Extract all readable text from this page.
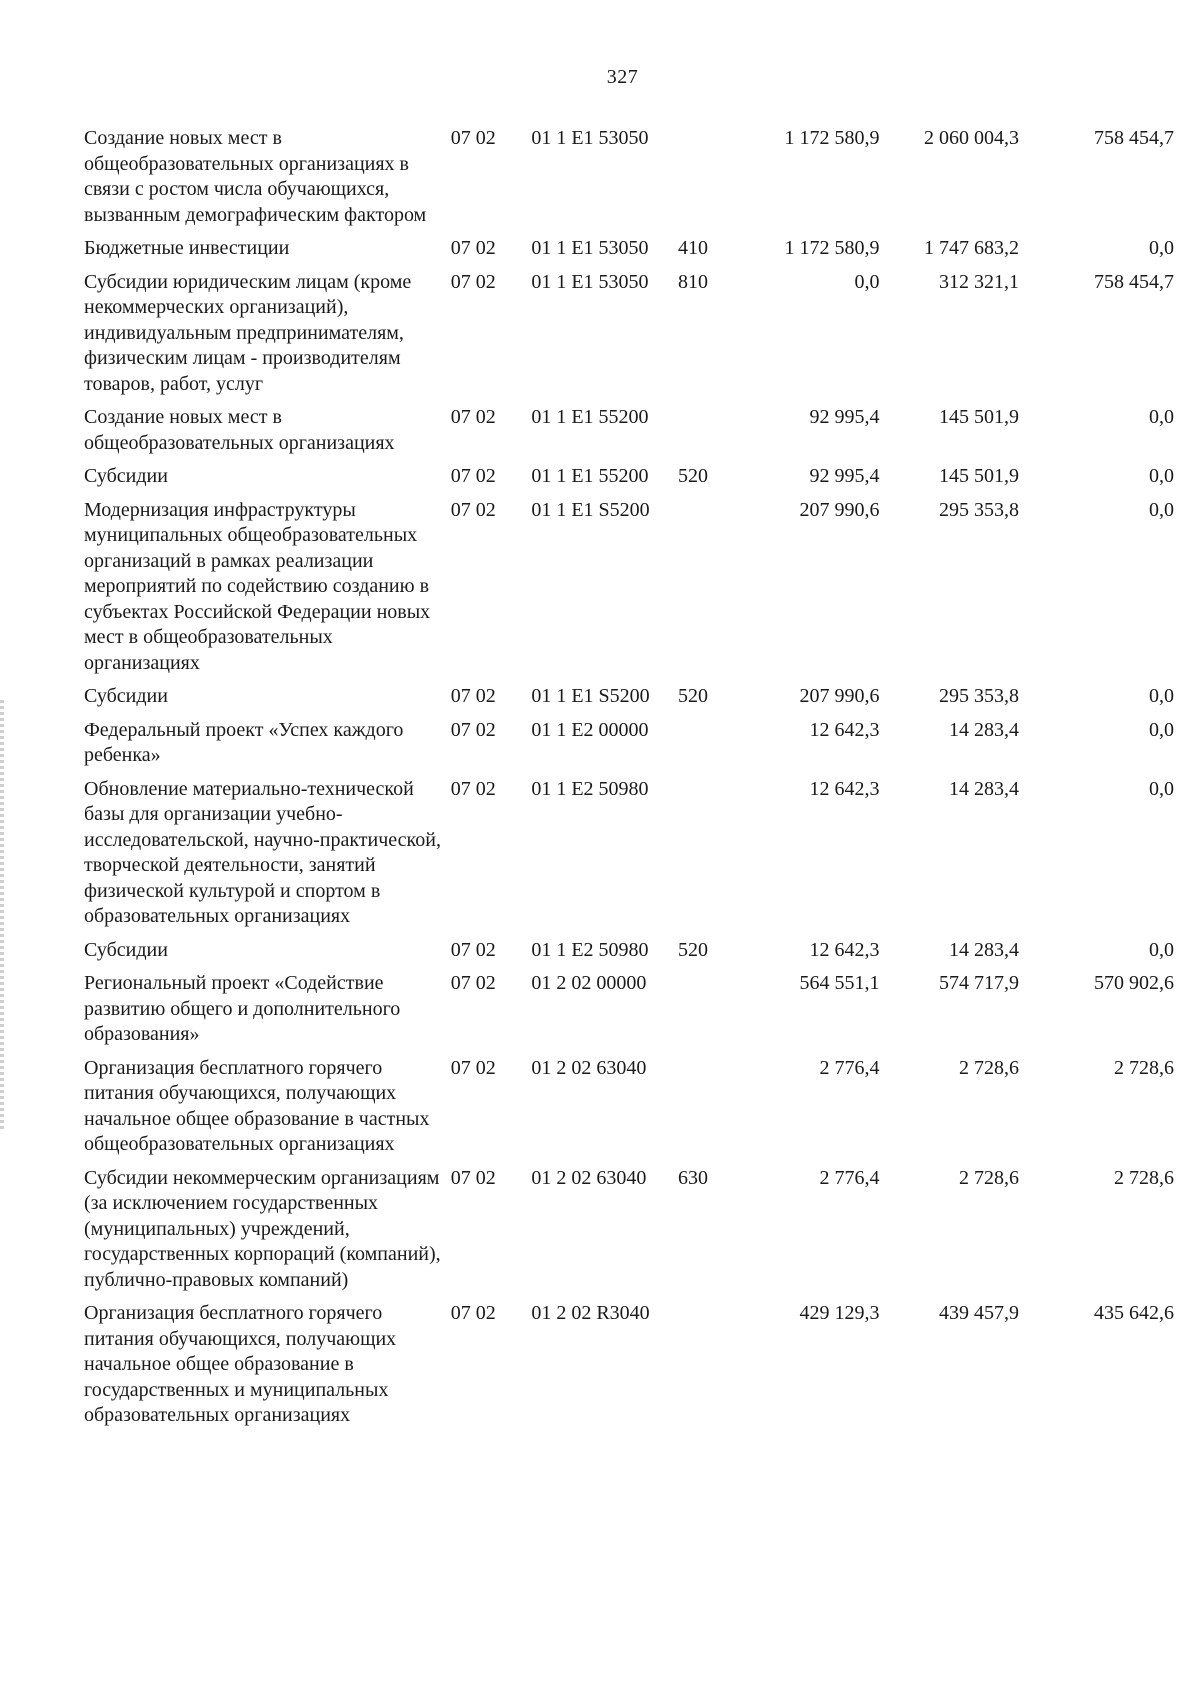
327
Создание новых мест в общеобразовательных организациях в связи с ростом числа обучающихся, вызванным демографическим фактором	07 02	01 1 E1 53050		1 172 580,9	2 060 004,3	758 454,7
Бюджетные инвестиции	07 02	01 1 E1 53050	410	1 172 580,9	1 747 683,2	0,0
Субсидии юридическим лицам (кроме некоммерческих организаций), индивидуальным предпринимателям, физическим лицам - производителям товаров, работ, услуг	07 02	01 1 E1 53050	810	0,0	312 321,1	758 454,7
Создание новых мест в общеобразовательных организациях	07 02	01 1 E1 55200		92 995,4	145 501,9	0,0
Субсидии	07 02	01 1 E1 55200	520	92 995,4	145 501,9	0,0
Модернизация инфраструктуры муниципальных общеобразовательных организаций в рамках реализации мероприятий по содействию созданию в субъектах Российской Федерации новых мест в общеобразовательных организациях	07 02	01 1 E1 S5200		207 990,6	295 353,8	0,0
Субсидии	07 02	01 1 E1 S5200	520	207 990,6	295 353,8	0,0
Федеральный проект «Успех каждого ребенка»	07 02	01 1 E2 00000		12 642,3	14 283,4	0,0
Обновление материально-технической базы для организации учебно-исследовательской, научно-практической, творческой деятельности, занятий физической культурой и спортом в образовательных организациях	07 02	01 1 E2 50980		12 642,3	14 283,4	0,0
Субсидии	07 02	01 1 E2 50980	520	12 642,3	14 283,4	0,0
Региональный проект «Содействие развитию общего и дополнительного образования»	07 02	01 2 02 00000		564 551,1	574 717,9	570 902,6
Организация бесплатного горячего питания обучающихся, получающих начальное общее образование в частных общеобразовательных организациях	07 02	01 2 02 63040		2 776,4	2 728,6	2 728,6
Субсидии некоммерческим организациям (за исключением государственных (муниципальных) учреждений, государственных корпораций (компаний), публично-правовых компаний)	07 02	01 2 02 63040	630	2 776,4	2 728,6	2 728,6
Организация бесплатного горячего питания обучающихся, получающих начальное общее образование в государственных и муниципальных образовательных организациях	07 02	01 2 02 R3040		429 129,3	439 457,9	435 642,6
